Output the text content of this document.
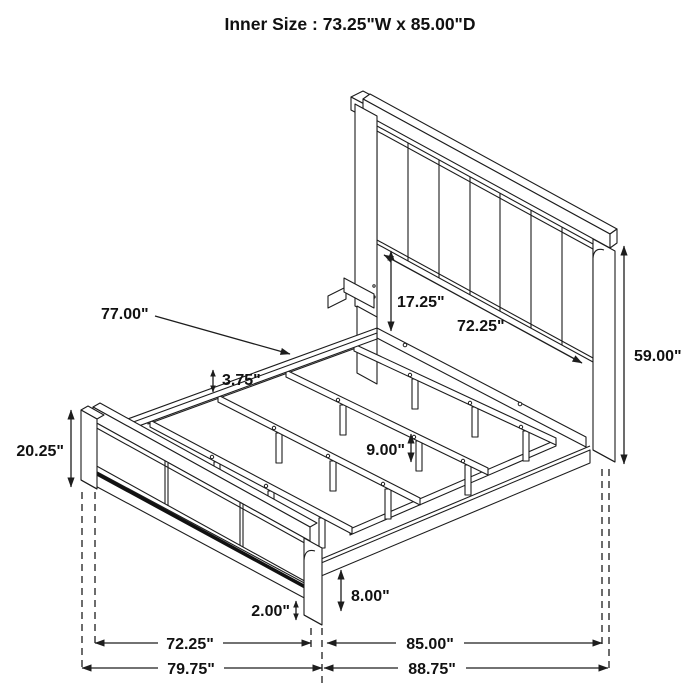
77.00"
3.75"
17.25"
72.25"
59.00"
20.25"	9.00"
8.00"
2.00"
72.25"	85.00"
79.75"	88.75"
Inner Size : 73.25"W x 85.00"D
